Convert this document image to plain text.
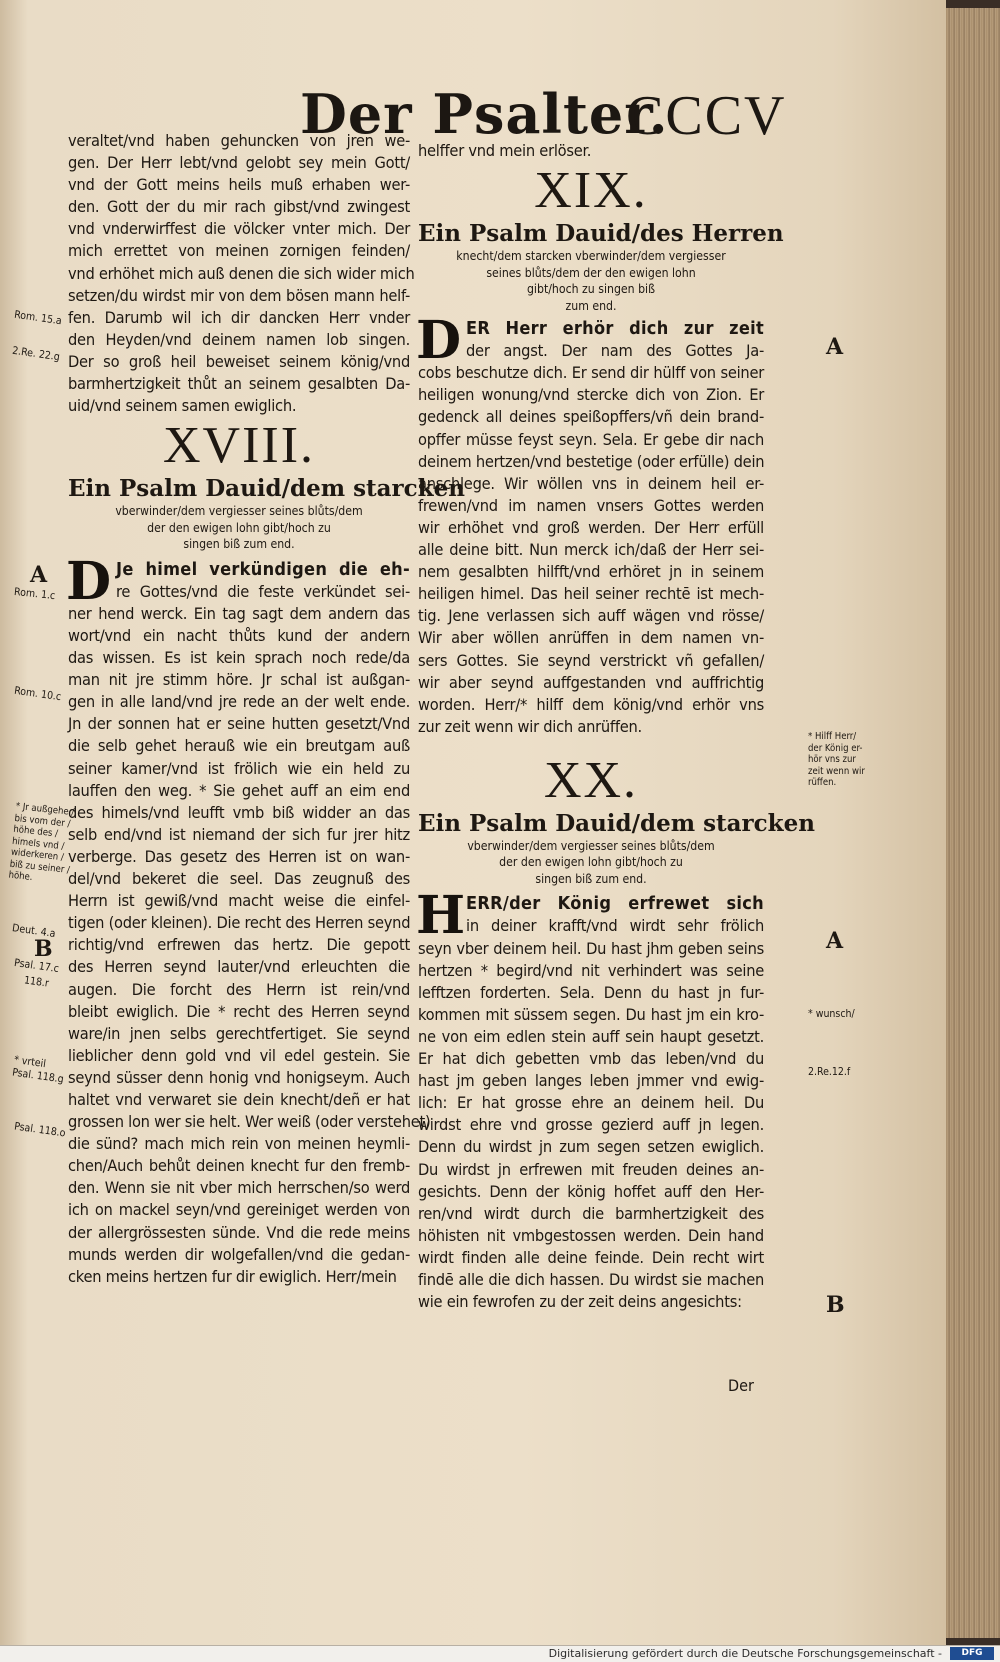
Der Psalter.
CCCV
veraltet/vnd haben gehuncken von jren we-
gen. Der Herr lebt/vnd gelobt sey mein Gott/
vnd der Gott meins heils muß erhaben wer-
den. Gott der du mir rach gibst/vnd zwingest
vnd vnderwirffest die völcker vnter mich. Der
mich errettet von meinen zornigen feinden/
vnd erhöhet mich auß denen die sich wider mich
setzen/du wirdst mir von dem bösen mann helf-
fen. Darumb wil ich dir dancken Herr vnder
den Heyden/vnd deinem namen lob singen.
Der so groß heil beweiset seinem könig/vnd
barmhertzigkeit thůt an seinem gesalbten Da-
uid/vnd seinem samen ewiglich.
XVIII.
Ein Psalm Dauid/dem starcken
vberwinder/dem vergiesser seines blůts/dem
der den ewigen lohn gibt/hoch zu
singen biß zum end.
D Je himel verkündigen die eh-
re Gottes/vnd die feste verkündet sei-
ner hend werck. Ein tag sagt dem andern das
wort/vnd ein nacht thůts kund der andern
das wissen. Es ist kein sprach noch rede/da
man nit jre stimm höre. Jr schal ist außgan-
gen in alle land/vnd jre rede an der welt ende.
Jn der sonnen hat er seine hutten gesetzt/Vnd
die selb gehet herauß wie ein breutgam auß
seiner kamer/vnd ist frölich wie ein held zu
lauffen den weg. * Sie gehet auff an eim end
des himels/vnd leufft vmb biß widder an das
selb end/vnd ist niemand der sich fur jrer hitz
verberge. Das gesetz des Herren ist on wan-
del/vnd bekeret die seel. Das zeugnuß des
Herrn ist gewiß/vnd macht weise die einfel-
tigen (oder kleinen). Die recht des Herren seynd
richtig/vnd erfrewen das hertz. Die gepott
des Herren seynd lauter/vnd erleuchten die
augen. Die forcht des Herrn ist rein/vnd
bleibt ewiglich. Die * recht des Herren seynd
ware/in jnen selbs gerechtfertiget. Sie seynd
lieblicher denn gold vnd vil edel gestein. Sie
seynd süsser denn honig vnd honigseym. Auch
haltet vnd verwaret sie dein knecht/deñ er hat
grossen lon wer sie helt. Wer weiß (oder verstehet)
die sünd? mach mich rein von meinen heymli-
chen/Auch behůt deinen knecht fur den fremb-
den. Wenn sie nit vber mich herrschen/so werd
ich on mackel seyn/vnd gereiniget werden von
der allergrössesten sünde. Vnd die rede meins
munds werden dir wolgefallen/vnd die gedan-
cken meins hertzen fur dir ewiglich. Herr/mein
Rom. 15.a
2.Re. 22.g
A
Rom. 1.c
Rom. 10.c
* Jr außgehe / bis vom der / höhe des / himels vnd / widerkeren / biß zu seiner / höhe.
Deut. 4.a
B
Psal. 17.c
118.r
* vrteil
Psal. 118.g
Psal. 118.o
helffer vnd mein erlöser.
XIX.
Ein Psalm Dauid/des Herren
knecht/dem starcken vberwinder/dem vergiesser
seines blůts/dem der den ewigen lohn
gibt/hoch zu singen biß
zum end.
D ER Herr erhör dich zur zeit
der angst. Der nam des Gottes Ja-
cobs beschutze dich. Er send dir hülff von seiner
heiligen wonung/vnd stercke dich von Zion. Er
gedenck all deines speißopffers/vñ dein brand-
opffer müsse feyst seyn. Sela. Er gebe dir nach
deinem hertzen/vnd bestetige (oder erfülle) dein
anschlege. Wir wöllen vns in deinem heil er-
frewen/vnd im namen vnsers Gottes werden
wir erhöhet vnd groß werden. Der Herr erfüll
alle deine bitt. Nun merck ich/daß der Herr sei-
nem gesalbten hilfft/vnd erhöret jn in seinem
heiligen himel. Das heil seiner rechtē ist mech-
tig. Jene verlassen sich auff wägen vnd rösse/
Wir aber wöllen anrüffen in dem namen vn-
sers Gottes. Sie seynd verstrickt vñ gefallen/
wir aber seynd auffgestanden vnd auffrichtig
worden. Herr/* hilff dem könig/vnd erhör vns
zur zeit wenn wir dich anrüffen.
XX.
Ein Psalm Dauid/dem starcken
vberwinder/dem vergiesser seines blůts/dem
der den ewigen lohn gibt/hoch zu
singen biß zum end.
H ERR/der König erfrewet sich
in deiner krafft/vnd wirdt sehr frölich
seyn vber deinem heil. Du hast jhm geben seins
hertzen * begird/vnd nit verhindert was seine
lefftzen forderten. Sela. Denn du hast jn fur-
kommen mit süssem segen. Du hast jm ein kro-
ne von eim edlen stein auff sein haupt gesetzt.
Er hat dich gebetten vmb das leben/vnd du
hast jm geben langes leben jmmer vnd ewig-
lich: Er hat grosse ehre an deinem heil. Du
wirdst ehre vnd grosse gezierd auff jn legen.
Denn du wirdst jn zum segen setzen ewiglich.
Du wirdst jn erfrewen mit freuden deines an-
gesichts. Denn der könig hoffet auff den Her-
ren/vnd wirdt durch die barmhertzigkeit des
höhisten nit vmbgestossen werden. Dein hand
wirdt finden alle deine feinde. Dein recht wirt
findē alle die dich hassen. Du wirdst sie machen
wie ein fewrofen zu der zeit deins angesichts:
A
* Hilff Herr/ der König er- hör vns zur zeit wenn wir rüffen.
A
* wunsch/
2.Re.12.f
B
Der
Digitalisierung gefördert durch die Deutsche Forschungsgemeinschaft -	DFG
